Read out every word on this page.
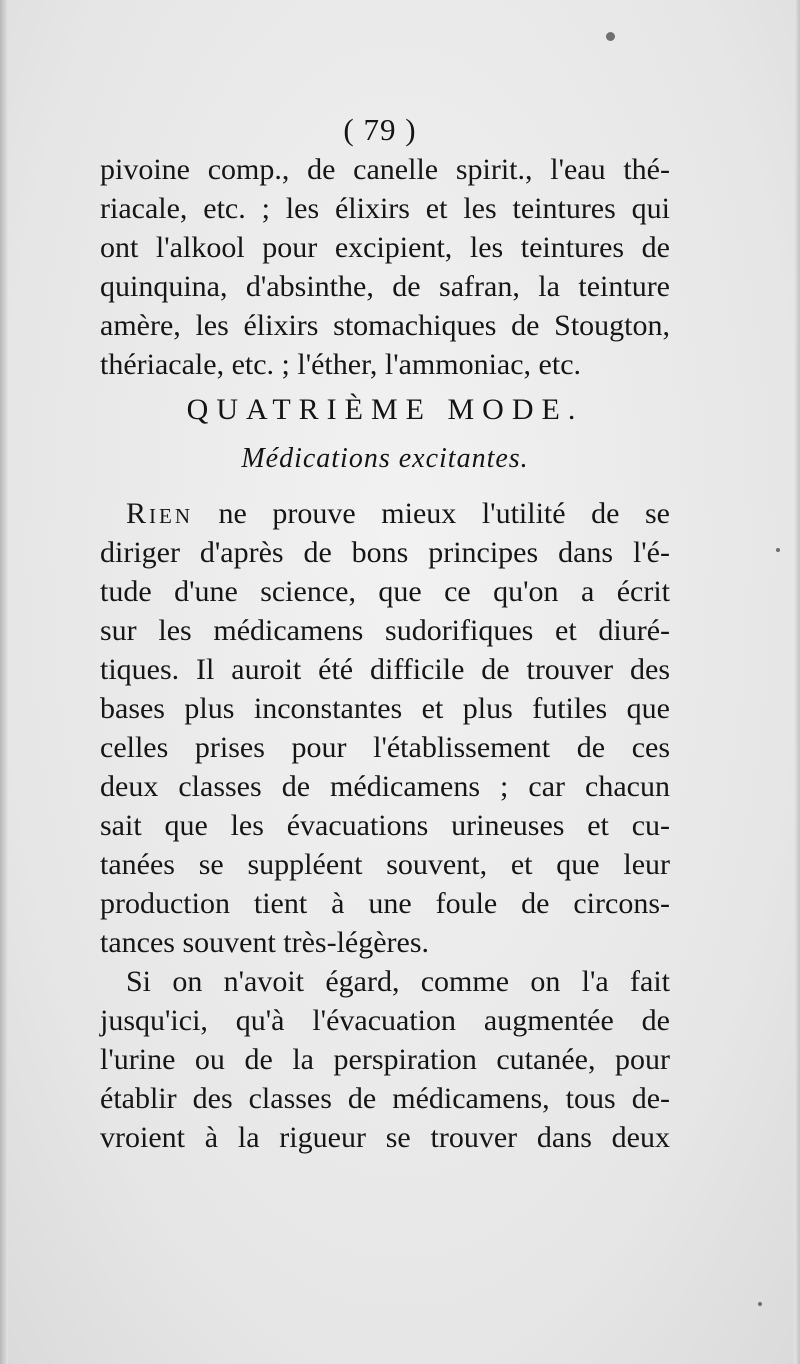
( 79 )
pivoine comp., de canelle spirit., l'eau thé-
riacale, etc. ; les élixirs et les teintures qui
ont l'alkool pour excipient, les teintures de
quinquina, d'absinthe, de safran, la teinture
amère, les élixirs stomachiques de Stougton,
thériacale, etc. ; l'éther, l'ammoniac, etc.
QUATRIÈME MODE.
Médications excitantes.
Rien ne prouve mieux l'utilité de se
diriger d'après de bons principes dans l'é-
tude d'une science, que ce qu'on a écrit
sur les médicamens sudorifiques et diuré-
tiques. Il auroit été difficile de trouver des
bases plus inconstantes et plus futiles que
celles prises pour l'établissement de ces
deux classes de médicamens ; car chacun
sait que les évacuations urineuses et cu-
tanées se suppléent souvent, et que leur
production tient à une foule de circons-
tances souvent très-légères.
Si on n'avoit égard, comme on l'a fait
jusqu'ici, qu'à l'évacuation augmentée de
l'urine ou de la perspiration cutanée, pour
établir des classes de médicamens, tous de-
vroient à la rigueur se trouver dans deux
